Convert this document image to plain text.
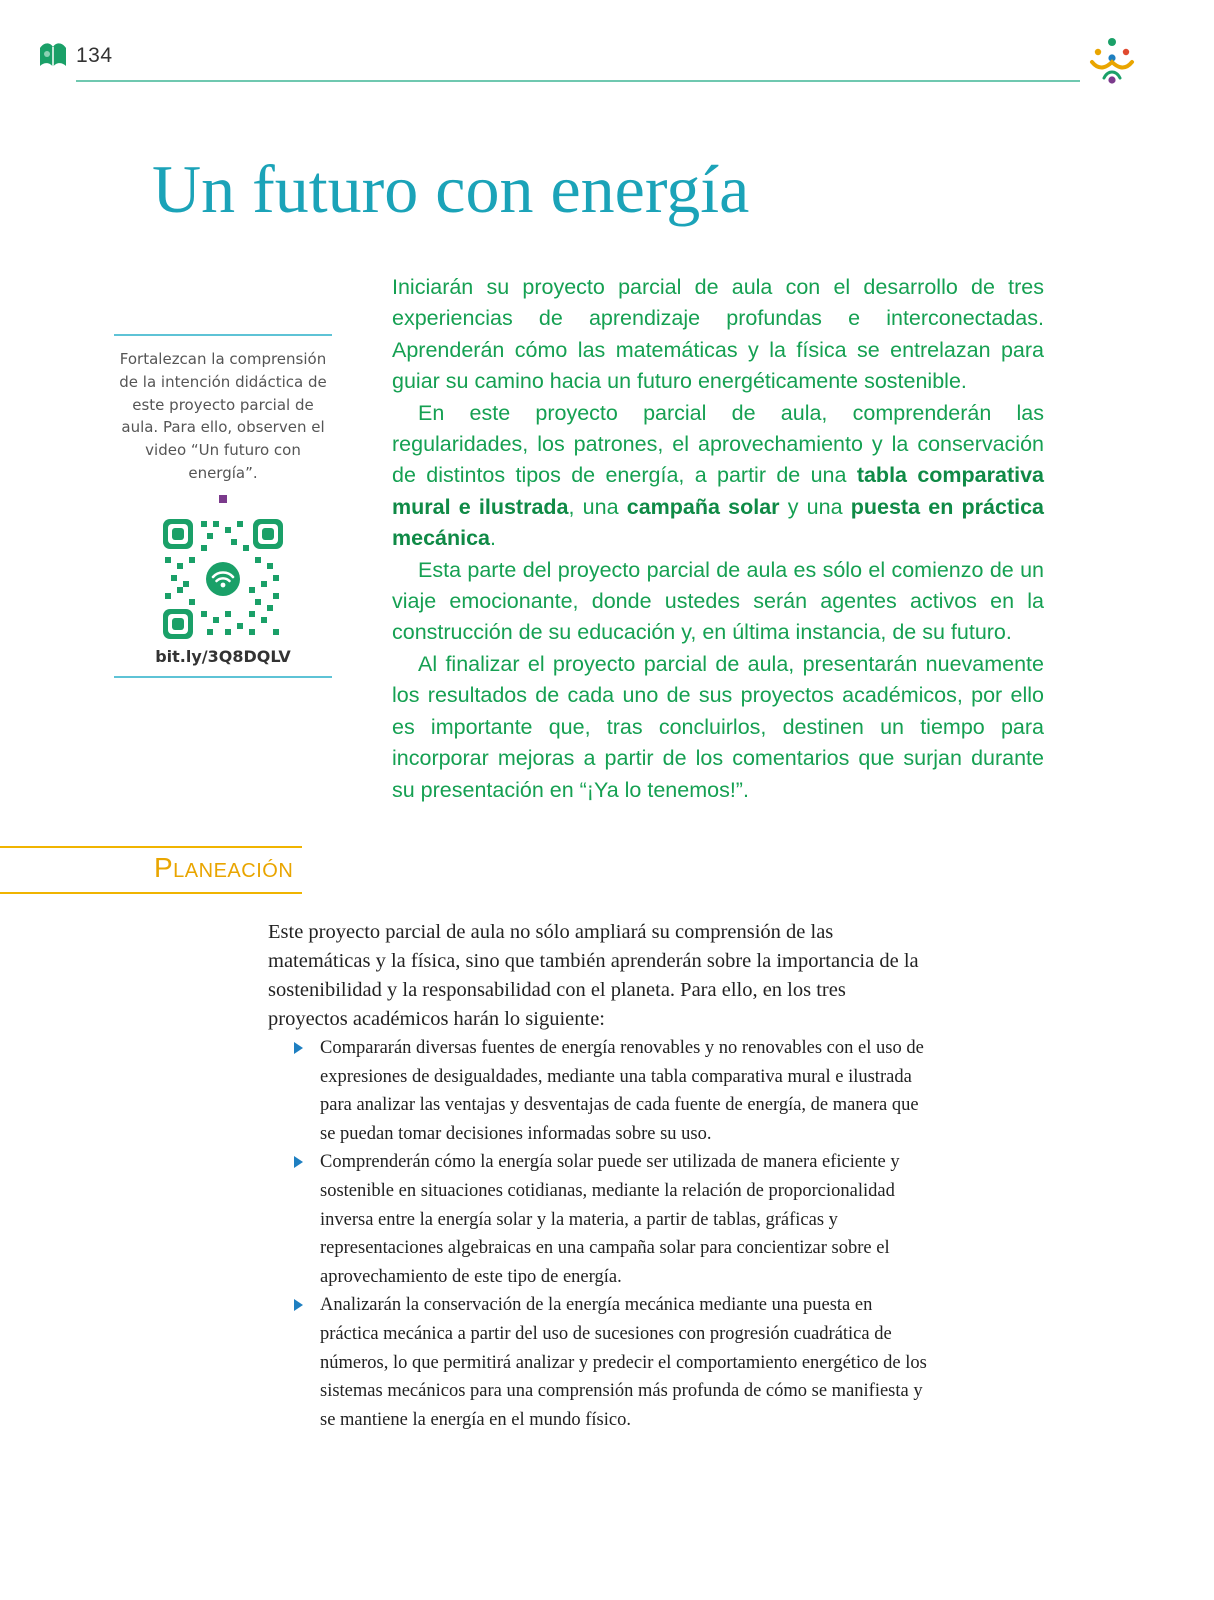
134
Un futuro con energía
Fortalezcan la comprensión de la intención didáctica de este proyecto parcial de aula. Para ello, observen el video “Un futuro con energía”.
bit.ly/3Q8DQLV

Iniciarán su proyecto parcial de aula con el desarrollo de tres experiencias de aprendizaje profundas e interconectadas. Aprenderán cómo las matemáticas y la física se entrelazan para guiar su camino hacia un futuro energéticamente sostenible.

En este proyecto parcial de aula, comprenderán las regularidades, los patrones, el aprovechamiento y la conservación de distintos tipos de energía, a partir de una tabla comparativa mural e ilustrada, una campaña solar y una puesta en práctica mecánica.

Esta parte del proyecto parcial de aula es sólo el comienzo de un viaje emocionante, donde ustedes serán agentes activos en la construcción de su educación y, en última instancia, de su futuro.

Al finalizar el proyecto parcial de aula, presentarán nuevamente los resultados de cada uno de sus proyectos académicos, por ello es importante que, tras concluirlos, destinen un tiempo para incorporar mejoras a partir de los comentarios que surjan durante su presentación en “¡Ya lo tenemos!”.

Planeación

Este proyecto parcial de aula no sólo ampliará su comprensión de las matemáticas y la física, sino que también aprenderán sobre la importancia de la sostenibilidad y la responsabilidad con el planeta. Para ello, en los tres proyectos académicos harán lo siguiente:

Compararán diversas fuentes de energía renovables y no renovables con el uso de expresiones de desigualdades, mediante una tabla comparativa mural e ilustrada para analizar las ventajas y desventajas de cada fuente de energía, de manera que se puedan tomar decisiones informadas sobre su uso.
Comprenderán cómo la energía solar puede ser utilizada de manera eficiente y sostenible en situaciones cotidianas, mediante la relación de proporcionalidad inversa entre la energía solar y la materia, a partir de tablas, gráficas y representaciones algebraicas en una campaña solar para concientizar sobre el aprovechamiento de este tipo de energía.
Analizarán la conservación de la energía mecánica mediante una puesta en práctica mecánica a partir del uso de sucesiones con progresión cuadrática de números, lo que permitirá analizar y predecir el comportamiento energético de los sistemas mecánicos para una comprensión más profunda de cómo se manifiesta y se mantiene la energía en el mundo físico.
